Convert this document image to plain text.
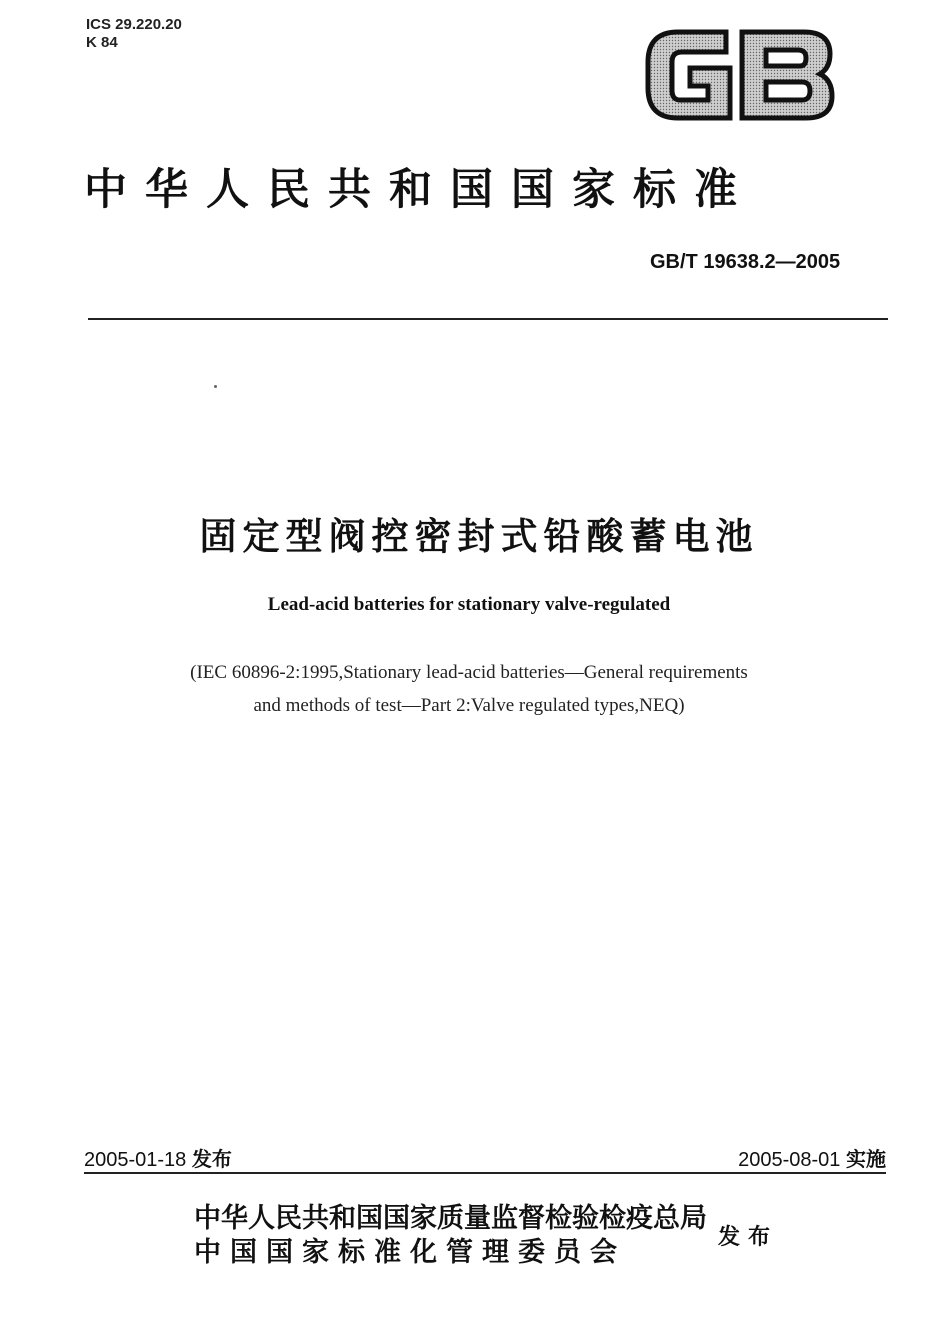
ICS 29.220.20
K 84
中华人民共和国国家标准
GB/T 19638.2—2005
固定型阀控密封式铅酸蓄电池
Lead-acid batteries for stationary valve-regulated
(IEC 60896-2:1995,Stationary lead-acid batteries—General requirements
and methods of test—Part 2:Valve regulated types,NEQ)
2005-01-18 发布	2005-08-01 实施
中华人民共和国国家质量监督检验检疫总局
中国国家标准化管理委员会	发布
